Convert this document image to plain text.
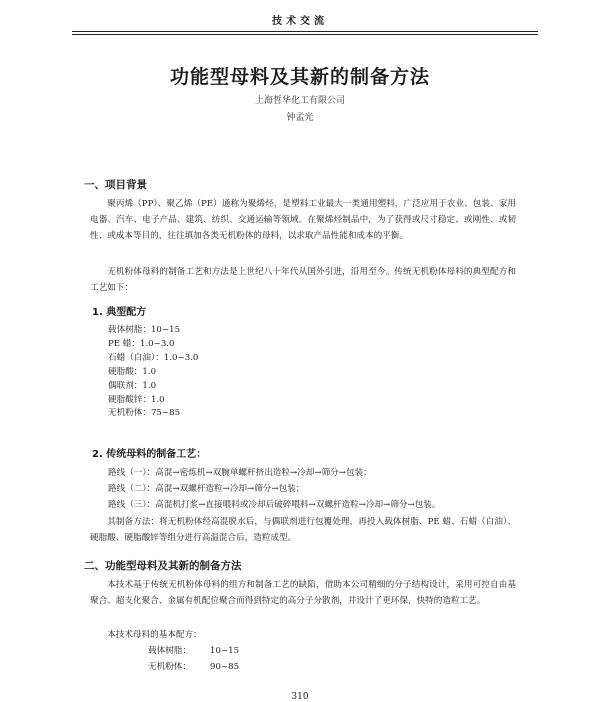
技术交流
功能型母料及其新的制备方法
上海哲华化工有限公司
钟孟光
一、项目背景
聚丙烯（PP）、聚乙烯（PE）通称为聚烯烃，是塑料工业最大一类通用塑料，广泛应用于农业、包装、家用电器、汽车、电子产品、建筑、纺织、交通运输等领域。在聚烯烃制品中，为了获得或尺寸稳定、或刚性、或韧性、或成本等目的，往往填加各类无机粉体的母料，以求取产品性能和成本的平衡。
无机粉体母料的制备工艺和方法是上世纪八十年代从国外引进，沿用至今。传统无机粉体母料的典型配方和工艺如下：
1. 典型配方
载体树脂：10~15
PE 蜡：1.0~3.0
石蜡（白油）：1.0~3.0
硬脂酸：1.0
偶联剂：1.0
硬脂酸锌：1.0
无机粉体：75~85
2. 传统母料的制备工艺：
路线（一）：高混→密炼机→双腕单螺杆挤出造粒→冷却→筛分→包装；
路线（二）：高混→双螺杆造粒→冷却→筛分→包装；
路线（三）：高混机打浆→直接喂料或冷却后破碎喂料→双螺杆造粒→冷却→筛分→包装。
其制备方法：将无机粉体经高混脱水后，与偶联剂进行包覆处理，再投入载体树脂、PE 蜡、石蜡（白油）、硬脂酸、硬脂酸锌等组分进行高温混合后，造粒成型。
二、功能型母料及其新的制备方法
本技术基于传统无机粉体母料的组方和制备工艺的缺陷，借助本公司精细的分子结构设计，采用可控自由基聚合、超支化聚合、金属有机配位聚合而得到特定的高分子分散剂，并设计了更环保，快特的造粒工艺。
本技术母料的基本配方：
载体树脂： 10~15
无机粉体： 90~85
310
